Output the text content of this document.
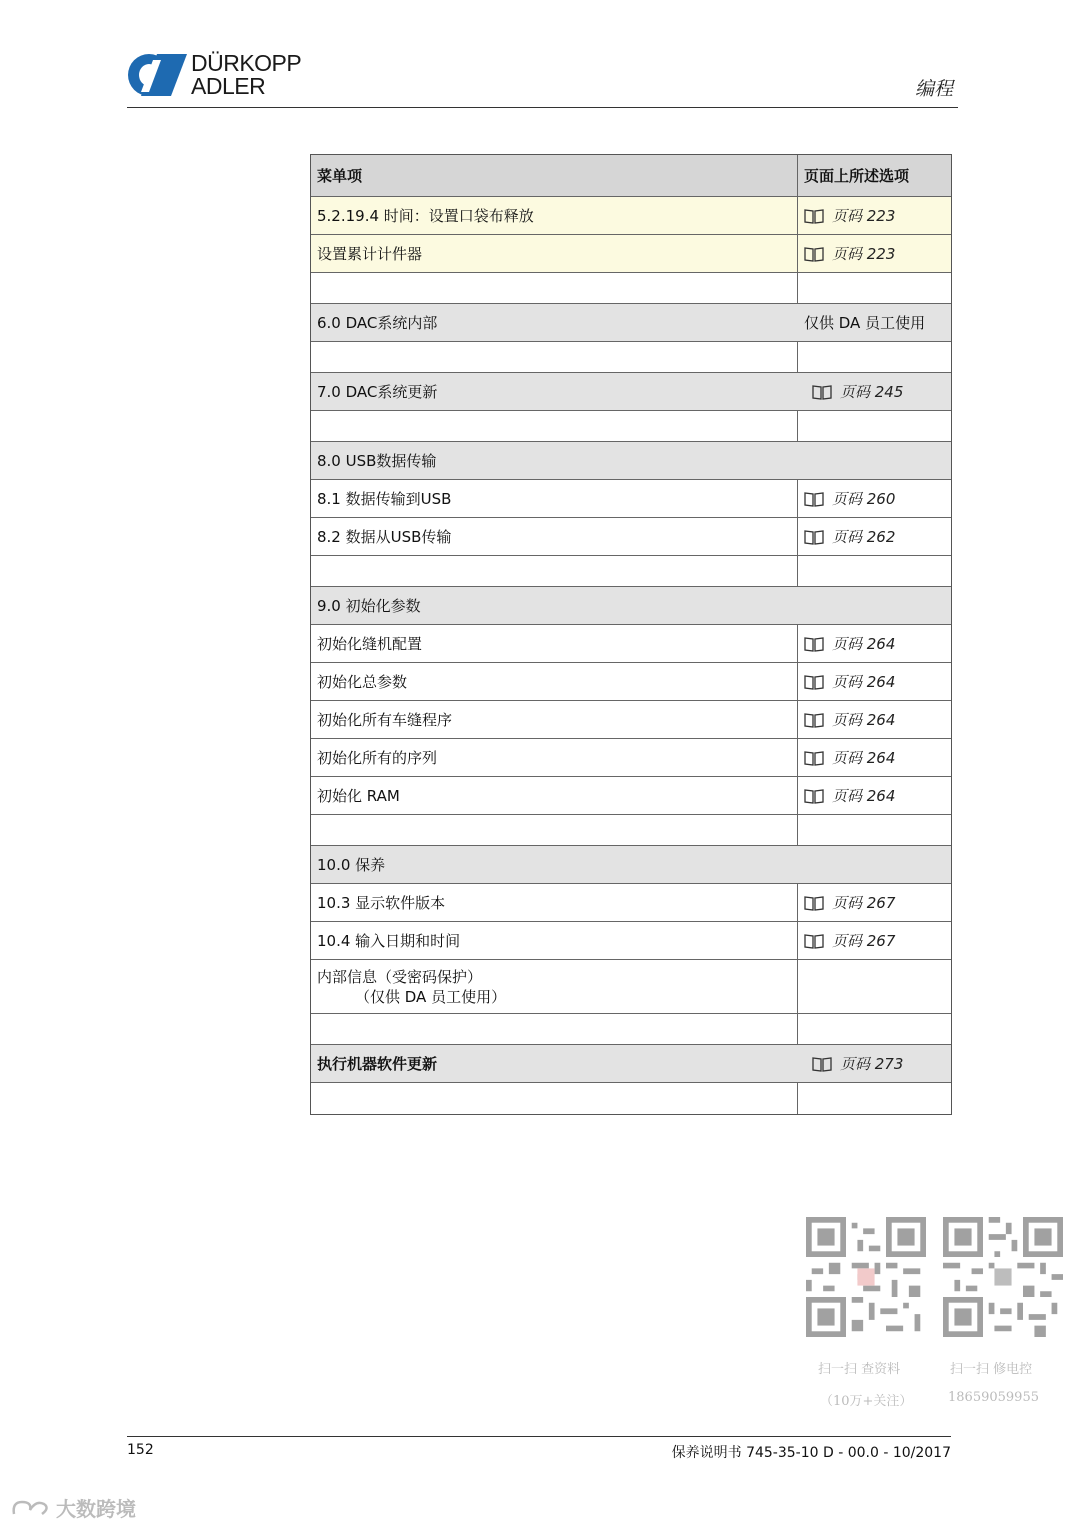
DÜRKOPP
ADLER	编程
菜单项	页面上所述选项
5.2.19.4 时间：设置口袋布释放	页码 223
设置累计计件器	页码 223
6.0 DAC系统内部	仅供 DA 员工使用
7.0 DAC系统更新	页码 245
8.0 USB数据传输
8.1 数据传输到USB	页码 260
8.2 数据从USB传输	页码 262
9.0 初始化参数
初始化缝机配置	页码 264
初始化总参数	页码 264
初始化所有车缝程序	页码 264
初始化所有的序列	页码 264
初始化 RAM	页码 264
10.0 保养
10.3 显示软件版本	页码 267
10.4 输入日期和时间	页码 267
内部信息（受密码保护）
（仅供 DA 员工使用）
执行机器软件更新	页码 273
扫一扫 查资料
（10万+关注）
扫一扫 修电控
18659059955
152	保养说明书 745-35-10 D - 00.0 - 10/2017
大数跨境
